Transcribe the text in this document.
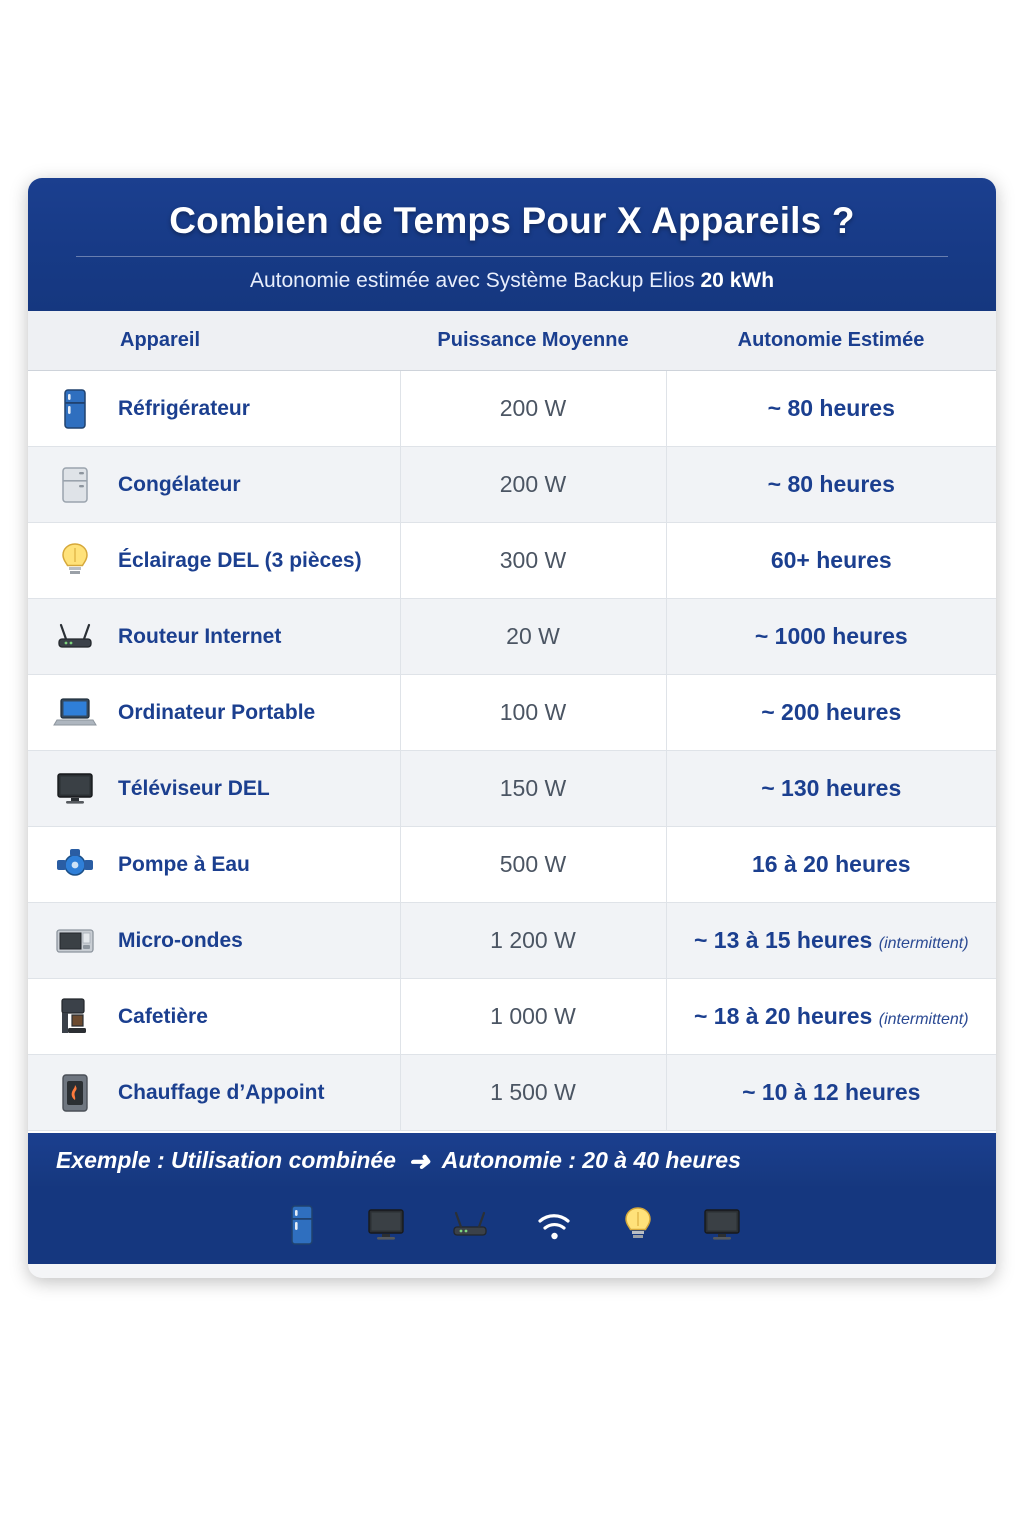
Combien de Temps Pour X Appareils ?
Autonomie estimée avec Système Backup Elios 20 kWh
Appareil	Puissance Moyenne	Autonomie Estimée

Réfrigérateur	200 W	~ 80 heures

Congélateur	200 W	~ 80 heures

Éclairage DEL (3 pièces)	300 W	60+ heures

Routeur Internet	20 W	~ 1000 heures

Ordinateur Portable	100 W	~ 200 heures

Téléviseur DEL	150 W	~ 130 heures

Pompe à Eau	500 W	16 à 20 heures

Micro-ondes	1 200 W	~ 13 à 15 heures (intermittent)

Cafetière	1 000 W	~ 18 à 20 heures (intermittent)

Chauffage d’Appoint	1 500 W	~ 10 à 12 heures
Exemple : Utilisation combinée ➜ Autonomie : 20 à 40 heures
